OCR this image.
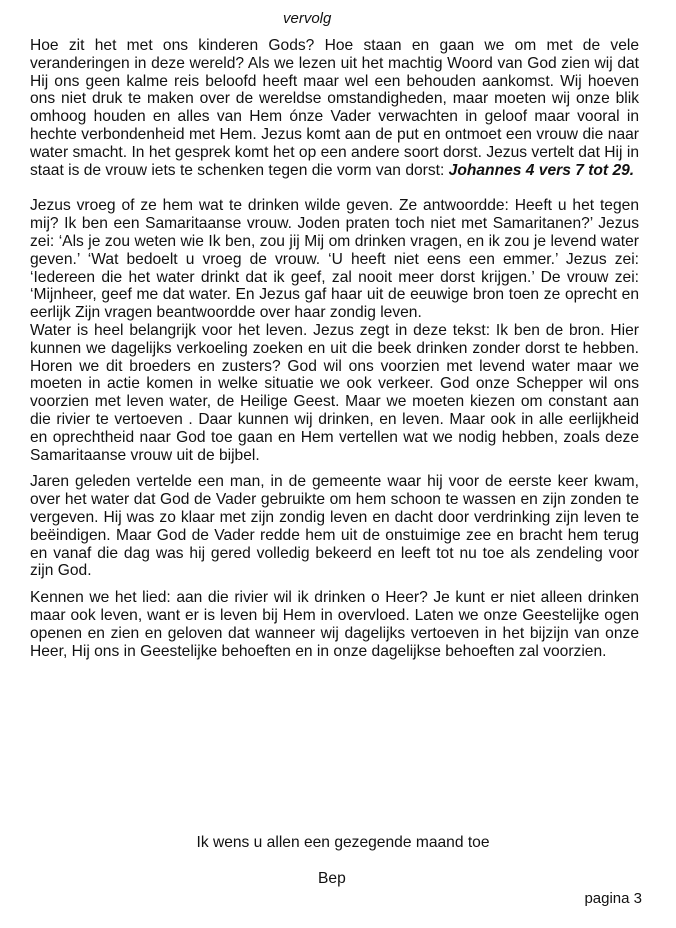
vervolg

Hoe zit het met ons kinderen Gods? Hoe staan en gaan we om met de vele veranderingen in deze wereld? Als we lezen uit het machtig Woord van God zien wij dat Hij ons geen kalme reis beloofd heeft maar wel een behouden aankomst. Wij hoeven ons niet druk te maken over de wereldse omstandigheden, maar moeten wij onze blik omhoog houden en alles van Hem ónze Vader verwachten in geloof maar vooral in hechte verbondenheid met Hem. Jezus komt aan de put en ontmoet een vrouw die naar water smacht. In het gesprek komt het op een andere soort dorst. Jezus vertelt dat Hij in staat is de vrouw iets te schenken tegen die vorm van dorst: Johannes 4 vers 7 tot 29.

Jezus vroeg of ze hem wat te drinken wilde geven. Ze antwoordde: Heeft u het tegen mij? Ik ben een Samaritaanse vrouw. Joden praten toch niet met Samaritanen?’ Jezus zei: ‘Als je zou weten wie Ik ben, zou jij Mij om drinken vragen, en ik zou je levend water geven.’ ‘Wat bedoelt u vroeg de vrouw. ‘U heeft niet eens een emmer.’ Jezus zei: ‘Iedereen die het water drinkt dat ik geef, zal nooit meer dorst krijgen.’ De vrouw zei: ‘Mijnheer, geef me dat water. En Jezus gaf haar uit de eeuwige bron toen ze oprecht en eerlijk Zijn vragen beantwoordde over haar zondig leven.

Water is heel belangrijk voor het leven. Jezus zegt in deze tekst: Ik ben de bron. Hier kunnen we dagelijks verkoeling zoeken en uit die beek drinken zonder dorst te hebben. Horen we dit broeders en zusters? God wil ons voorzien met levend water maar we moeten in actie komen in welke situatie we ook verkeer. God onze Schepper wil ons voorzien met leven water, de Heilige Geest. Maar we moeten kiezen om constant aan die rivier te vertoeven . Daar kunnen wij drinken, en leven. Maar ook in alle eerlijkheid en oprechtheid naar God toe gaan en Hem vertellen wat we nodig hebben, zoals deze Samaritaanse vrouw uit de bijbel.

Jaren geleden vertelde een man, in de gemeente waar hij voor de eerste keer kwam, over het water dat God de Vader gebruikte om hem schoon te wassen en zijn zonden te vergeven. Hij was zo klaar met zijn zondig leven en dacht door verdrinking zijn leven te beëindigen. Maar God de Vader redde hem uit de onstuimige zee en bracht hem terug en vanaf die dag was hij gered volledig bekeerd en leeft tot nu toe als zendeling voor zijn God.

Kennen we het lied: aan die rivier wil ik drinken o Heer? Je kunt er niet alleen drinken maar ook leven, want er is leven bij Hem in overvloed. Laten we onze Geestelijke ogen openen en zien en geloven dat wanneer wij dagelijks vertoeven in het bijzijn van onze Heer, Hij ons in Geestelijke behoeften en in onze dagelijkse behoeften zal voorzien.

Ik wens u allen een gezegende maand toe
Bep
pagina 3
